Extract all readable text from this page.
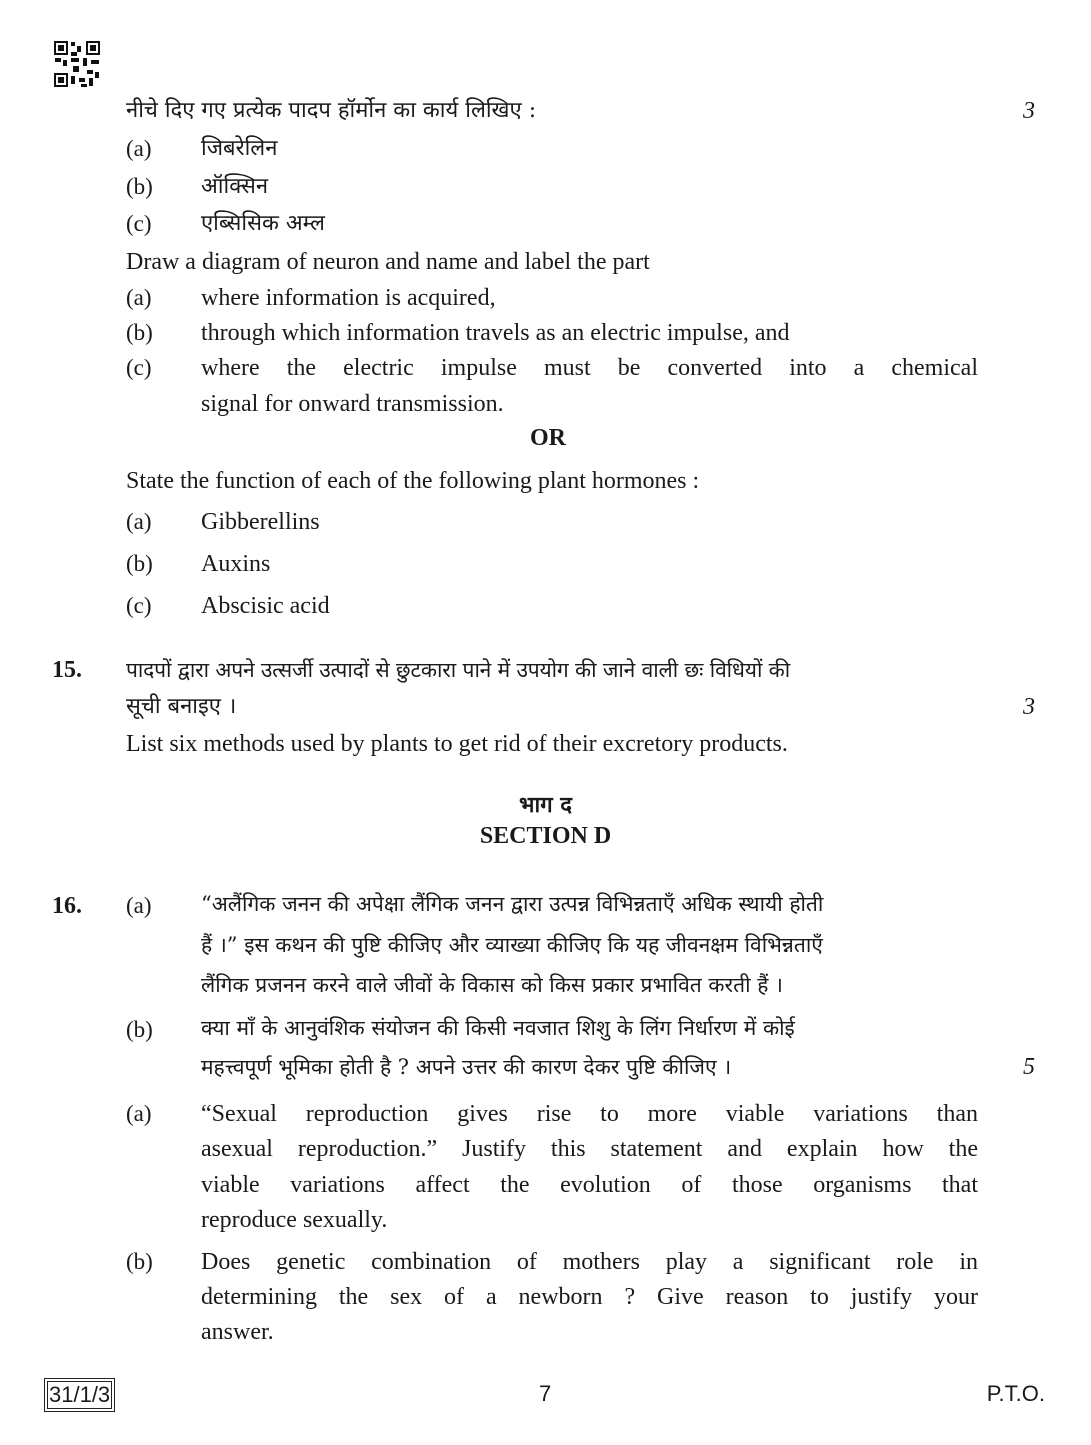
नीचे दिए गए प्रत्येक पादप हॉर्मोन का कार्य लिखिए :	3
(a) जिबरेलिन
(b) ऑक्सिन
(c) एब्सिसिक अम्ल
Draw a diagram of neuron and name and label the part
(a) where information is acquired,
(b) through which information travels as an electric impulse, and
(c) where the electric impulse must be converted into a chemical
signal for onward transmission.
OR
State the function of each of the following plant hormones :
(a) Gibberellins
(b) Auxins
(c) Abscisic acid
15. पादपों द्वारा अपने उत्सर्जी उत्पादों से छुटकारा पाने में उपयोग की जाने वाली छः विधियों की
सूची बनाइए ।	3
List six methods used by plants to get rid of their excretory products.
भाग द
SECTION D
16. (a) “अलैंगिक जनन की अपेक्षा लैंगिक जनन द्वारा उत्पन्न विभिन्नताएँ अधिक स्थायी होती
हैं ।” इस कथन की पुष्टि कीजिए और व्याख्या कीजिए कि यह जीवनक्षम विभिन्नताएँ
लैंगिक प्रजनन करने वाले जीवों के विकास को किस प्रकार प्रभावित करती हैं ।
(b) क्या माँ के आनुवंशिक संयोजन की किसी नवजात शिशु के लिंग निर्धारण में कोई
महत्त्वपूर्ण भूमिका होती है ? अपने उत्तर की कारण देकर पुष्टि कीजिए ।	5
(a) “Sexual reproduction gives rise to more viable variations than
asexual reproduction.” Justify this statement and explain how the
viable variations affect the evolution of those organisms that
reproduce sexually.
(b) Does genetic combination of mothers play a significant role in
determining the sex of a newborn ? Give reason to justify your
answer.
31/1/3	7	P.T.O.
